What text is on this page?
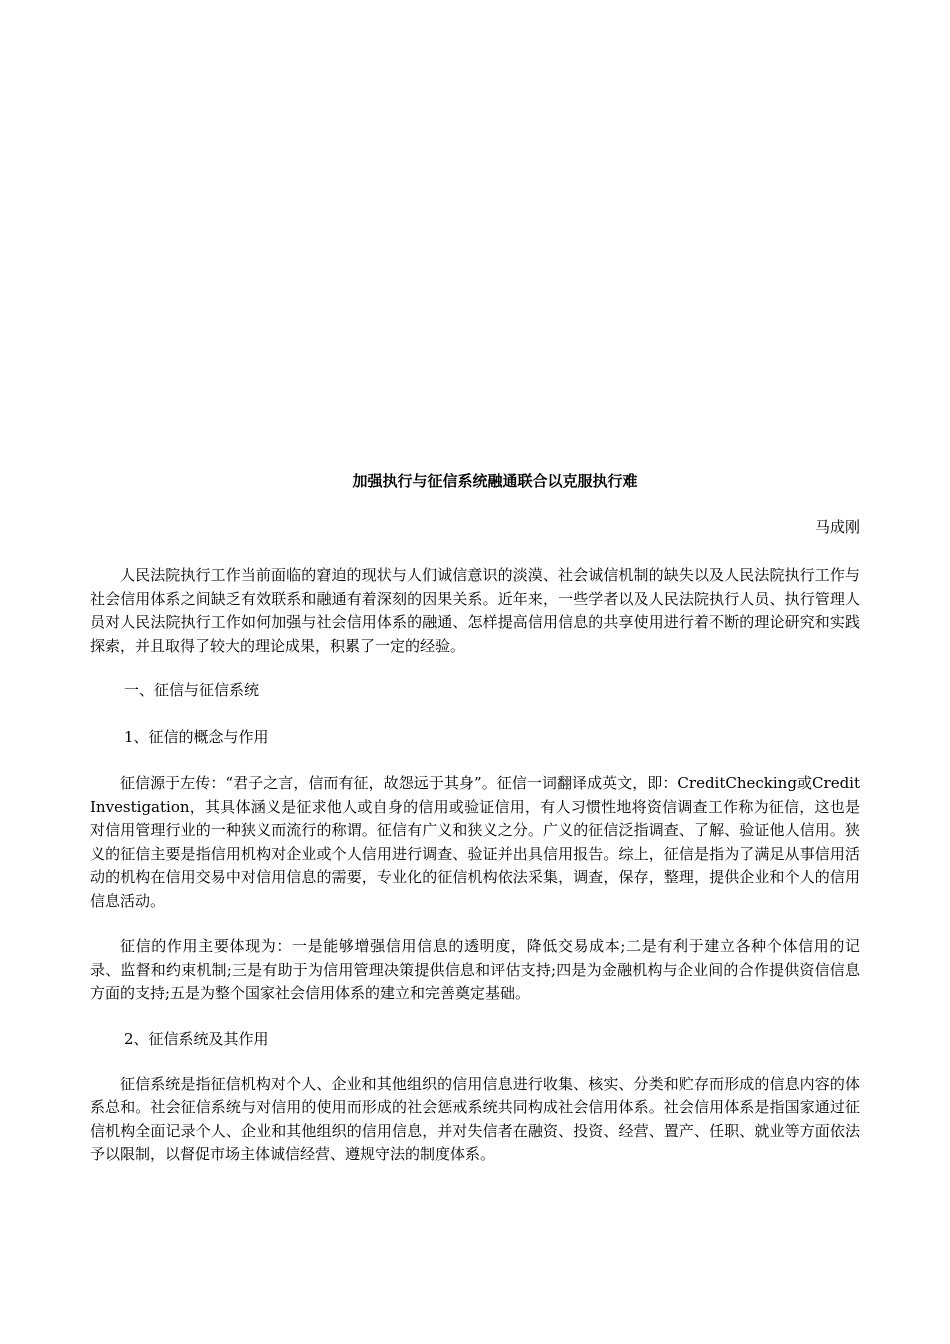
加强执行与征信系统融通联合以克服执行难

马成刚

人民法院执行工作当前面临的窘迫的现状与人们诚信意识的淡漠、社会诚信机制的缺失以及人民法院执行工作与社会信用体系之间缺乏有效联系和融通有着深刻的因果关系。近年来，一些学者以及人民法院执行人员、执行管理人员对人民法院执行工作如何加强与社会信用体系的融通、怎样提高信用信息的共享使用进行着不断的理论研究和实践探索，并且取得了较大的理论成果，积累了一定的经验。

一、征信与征信系统

1、征信的概念与作用

征信源于左传：“君子之言，信而有征，故怨远于其身”。征信一词翻译成英文，即：CreditChecking或Credit Investigation，其具体涵义是征求他人或自身的信用或验证信用，有人习惯性地将资信调查工作称为征信，这也是对信用管理行业的一种狭义而流行的称谓。征信有广义和狭义之分。广义的征信泛指调查、了解、验证他人信用。狭义的征信主要是指信用机构对企业或个人信用进行调查、验证并出具信用报告。综上，征信是指为了满足从事信用活动的机构在信用交易中对信用信息的需要，专业化的征信机构依法采集，调查，保存，整理，提供企业和个人的信用信息活动。

征信的作用主要体现为：一是能够增强信用信息的透明度，降低交易成本;二是有利于建立各种个体信用的记录、监督和约束机制;三是有助于为信用管理决策提供信息和评估支持;四是为金融机构与企业间的合作提供资信信息方面的支持;五是为整个国家社会信用体系的建立和完善奠定基础。

2、征信系统及其作用

征信系统是指征信机构对个人、企业和其他组织的信用信息进行收集、核实、分类和贮存而形成的信息内容的体系总和。社会征信系统与对信用的使用而形成的社会惩戒系统共同构成社会信用体系。社会信用体系是指国家通过征信机构全面记录个人、企业和其他组织的信用信息，并对失信者在融资、投资、经营、置产、任职、就业等方面依法予以限制，以督促市场主体诚信经营、遵规守法的制度体系。
